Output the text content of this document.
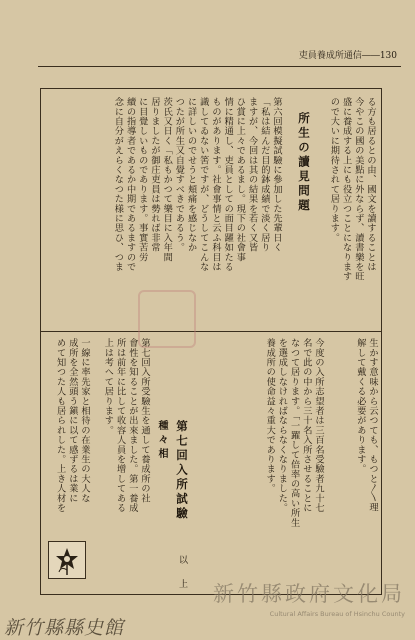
吏員養成所通信――130
る方も居るとの由、國文を讀することは
今やこの國の美點に外ならず、讀書樂を旺
盛に養成する上にも役立つことになります
ので大いに期待されて居ります。
所生の讀見問題
第六回模擬試驗に參加した先輩日く
「私は結んだ目的鉢成績で淡く居り
ますが、今回は其の結果を若く又皆
ひ賞に上々であるまし。現下の社會事
情に精通し、吏員としての面目躍如たる
ものがあります。社會事情と云ふ科目は
識してゐない筈ですが、どうしてこんな
に詳しいのでせうと頬痛を感じなか
つたが所生又自覺すべきであるう。
茨氏又日く「私もかつて樂目に入年間
居りましたが御庄吏員は勢れば非常
に目覺しいものであります。事實苦労
續の指導者であるか中期であるますので
念に自分がえらくなつた様に思ひ、つま
生かす意味から云つても、もつと〱理
解して戴くる必要があります。
今度の入所志望者は三百名受驗者九十七
名で此の中から三十名入所させることに
なつて居ります。「一躍して倍率の高い所生
を選成しなければならなくなりました。
養成所の使命益々重大であります。
第七回入所試驗
種々相
第七回入所受驗生を通して養成所の社
會性を知ることが出來ました。第一養成
所は前年に比して收容人員を增してある
上は考へて居ります。
一線に率先家と相待の在業生の大人な
成所を全然頭う鎭に以て感ずるは業に
めて知つた人も居られした。上き人材を
以 上
新竹縣政府文化局
Cultural Affairs Bureau of Hsinchu County
新竹縣縣史館
